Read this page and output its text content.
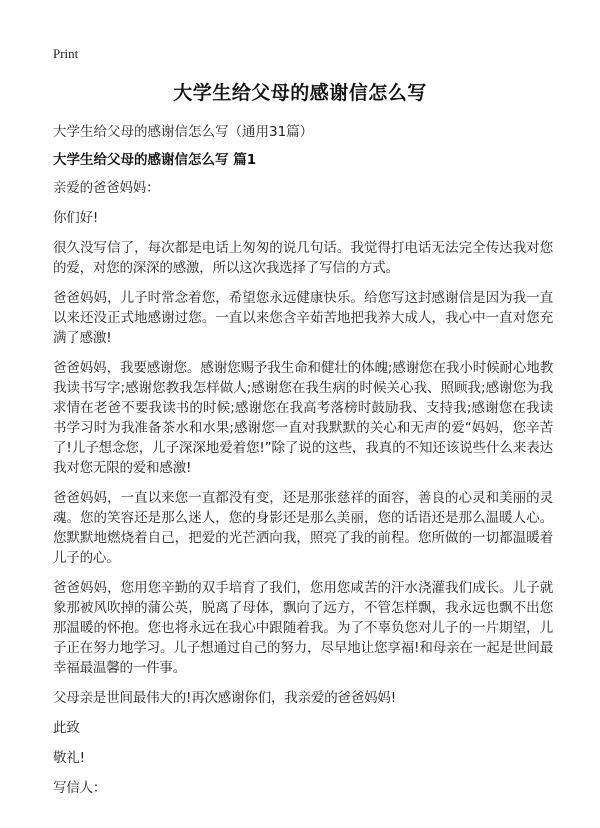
Print
大学生给父母的感谢信怎么写
大学生给父母的感谢信怎么写（通用31篇）
大学生给父母的感谢信怎么写 篇1

亲爱的爸爸妈妈：

你们好!

很久没写信了，每次都是电话上匆匆的说几句话。我觉得打电话无法完全传达我对您的爱，对您的深深的感激，所以这次我选择了写信的方式。

爸爸妈妈，儿子时常念着您，希望您永远健康快乐。给您写这封感谢信是因为我一直以来还没正式地感谢过您。一直以来您含辛茹苦地把我养大成人，我心中一直对您充满了感激!

爸爸妈妈，我要感谢您。感谢您赐予我生命和健壮的体魄;感谢您在我小时候耐心地教我读书写字;感谢您教我怎样做人;感谢您在我生病的时候关心我、照顾我;感谢您为我求情在老爸不要我读书的时候;感谢您在我高考落榜时鼓励我、支持我;感谢您在我读书学习时为我准备茶水和水果;感谢您一直对我默默的关心和无声的爱“妈妈，您辛苦了!儿子想念您，儿子深深地爱着您!”除了说的这些，我真的不知还该说些什么来表达我对您无限的爱和感激!

爸爸妈妈，一直以来您一直都没有变，还是那张慈祥的面容，善良的心灵和美丽的灵魂。您的笑容还是那么迷人，您的身影还是那么美丽，您的话语还是那么温暖人心。您默默地燃烧着自己，把爱的光芒洒向我，照亮了我的前程。您所做的一切都温暖着儿子的心。

爸爸妈妈，您用您辛勤的双手培育了我们，您用您咸苦的汗水浇灌我们成长。儿子就象那被风吹掉的蒲公英，脱离了母体，飘向了远方，不管怎样飘，我永远也飘不出您那温暖的怀抱。您也将永远在我心中跟随着我。为了不辜负您对儿子的一片期望，儿子正在努力地学习。儿子想通过自己的努力，尽早地让您享福!和母亲在一起是世间最幸福最温馨的一件事。

父母亲是世间最伟大的!再次感谢你们，我亲爱的爸爸妈妈!

此致

敬礼!

写信人：
